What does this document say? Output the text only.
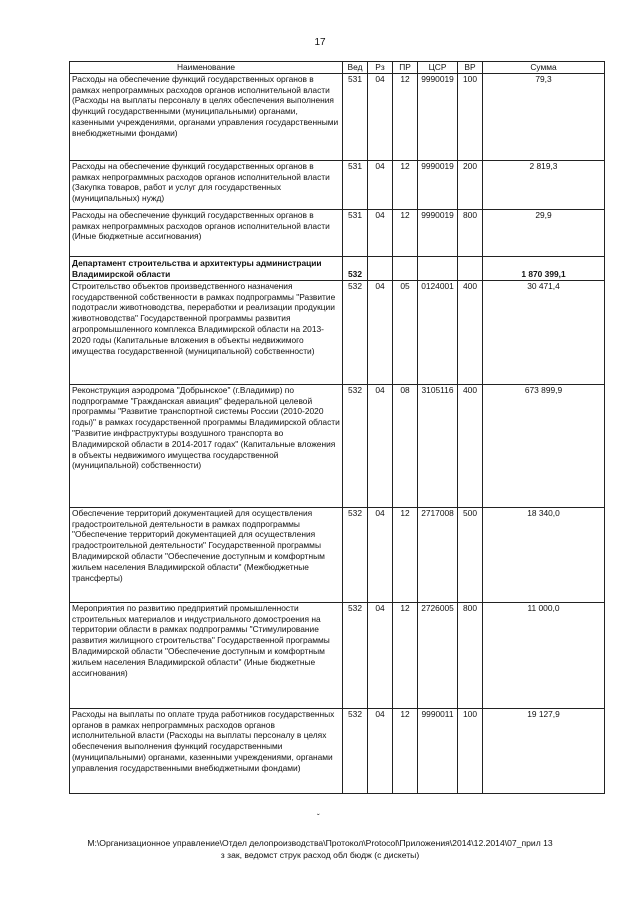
17
Наименование	Вед	Рз	ПР	ЦСР	ВР	Сумма
Расходы на обеспечение функций государственных органов в рамках непрограммных расходов органов исполнительной власти (Расходы на выплаты персоналу в целях обеспечения выполнения функций государственными (муниципальными) органами, казенными учреждениями, органами управления государственными внебюджетными фондами)	531	04	12	9990019	100	79,3
Расходы на обеспечение функций государственных органов в рамках непрограммных расходов органов исполнительной власти (Закупка товаров, работ и услуг для государственных (муниципальных) нужд)	531	04	12	9990019	200	2 819,3
Расходы на обеспечение функций государственных органов в рамках непрограммных расходов органов исполнительной власти (Иные бюджетные ассигнования)	531	04	12	9990019	800	29,9
Департамент строительства и архитектуры администрации Владимирской области	532					1 870 399,1
Строительство объектов произведственного назначения государственной собственности в рамках подпрограммы "Развитие подотрасли животноводства, переработки и реализации продукции животноводства" Государственной программы развития агропромышленного комплекса Владимирской области на 2013-2020 годы (Капитальные вложения в объекты недвижимого имущества государственной (муниципальной) собственности)	532	04	05	0124001	400	30 471,4
Реконструкция аэродрома "Добрынское" (г.Владимир) по подпрограмме "Гражданская авиация" федеральной целевой программы "Развитие транспортной системы России (2010-2020 годы)" в рамках государственной программы Владимирской области "Развитие инфраструктуры воздушного транспорта во Владимирской области в 2014-2017 годах" (Капитальные вложения в объекты недвижимого имущества государственной (муниципальной) собственности)	532	04	08	3105116	400	673 899,9
Обеспечение территорий документацией для осуществления градостроительной деятельности в рамках подпрограммы "Обеспечение территорий документацией для осуществления градостроительной деятельности" Государственной программы Владимирской области "Обеспечение доступным и комфортным жильем населения Владимирской области" (Межбюджетные трансферты)	532	04	12	2717008	500	18 340,0
Мероприятия по развитию предприятий промышленности строительных материалов и индустриального домостроения на территории области в рамках подпрограммы "Стимулирование развития жилищного строительства" Государственной программы Владимирской области "Обеспечение доступным и комфортным жильем населения Владимирской области" (Иные бюджетные ассигнования)	532	04	12	2726005	800	11 000,0
Расходы на выплаты по оплате труда работников государственных органов в рамках непрограммных расходов органов исполнительной власти (Расходы на выплаты персоналу в целях обеспечения выполнения функций государственными (муниципальными) органами, казенными учреждениями, органами управления государственными внебюджетными фондами)	532	04	12	9990011	100	19 127,9
ˇ
М:\Организационное управление\Отдел делопроизводства\Протокол\Protocol\Приложения\2014\12.2014\07_прил 13
з зак, ведомст струк расход обл бюдж (с дискеты)
